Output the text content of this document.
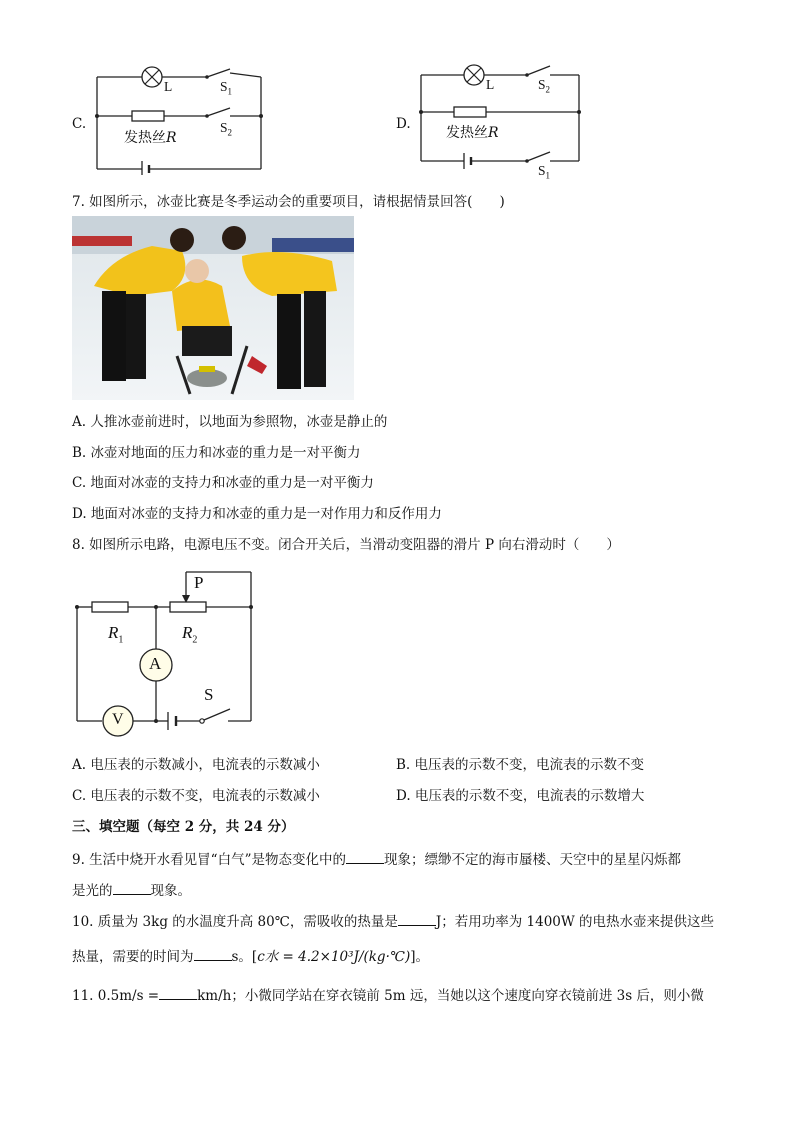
C.
L	$S_1$
$S_2$
发热丝R
D.
L	$S_2$
发热丝R
$S_1$
7. 如图所示，冰壶比赛是冬季运动会的重要项目，请根据情景回答(　　)
A. 人推冰壶前进时，以地面为参照物，冰壶是静止的
B. 冰壶对地面的压力和冰壶的重力是一对平衡力
C. 地面对冰壶的支持力和冰壶的重力是一对平衡力
D. 地面对冰壶的支持力和冰壶的重力是一对作用力和反作用力
8. 如图所示电路，电源电压不变。闭合开关后，当滑动变阻器的滑片 P 向右滑动时（　　）
P
$R_1$	$R_2$
A
V
S
A. 电压表的示数减小，电流表的示数减小	B. 电压表的示数不变，电流表的示数不变
C. 电压表的示数不变，电流表的示数减小	D. 电压表的示数不变，电流表的示数增大
三、填空题（每空 2 分，共 24 分）
9. 生活中烧开水看见冒“白气”是物态变化中的	现象；缥缈不定的海市蜃楼、天空中的星星闪烁都
是光的	现象。
10. 质量为 3kg 的水温度升高 80℃，需吸收的热量是	J；若用功率为 1400W 的电热水壶来提供这些
热量，需要的时间为	s。[c水 = 4.2×10³J/(kg·℃)]。
11. 0.5m/s =	km/h；小微同学站在穿衣镜前 5m 远，当她以这个速度向穿衣镜前进 3s 后，则小微
